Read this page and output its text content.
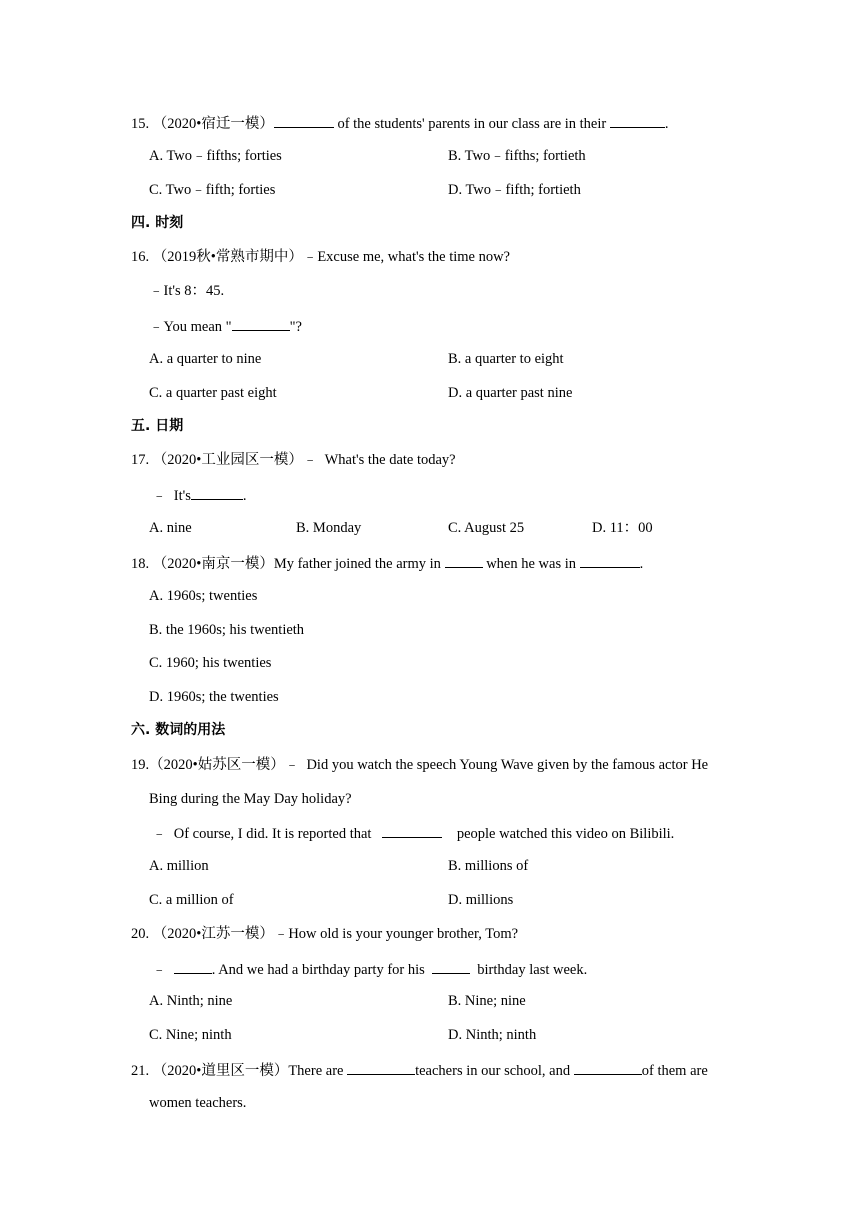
15. （2020•宿迁一模）	of the students' parents in our class are in their	.
A. Two﹣fifths; forties	B. Two﹣fifths; fortieth
C. Two﹣fifth; forties	D. Two﹣fifth; fortieth
四. 时刻
16. （2019秋•常熟市期中）﹣Excuse me, what's the time now?
﹣It's 8：45.
﹣You mean "	"?
A. a quarter to nine	B. a quarter to eight
C. a quarter past eight	D. a quarter past nine
五. 日期
17. （2020•工业园区一模）﹣  What's the date today?
﹣  It's	.
A. nine	B. Monday	C. August 25	D. 11：00
18. （2020•南京一模）My father joined the army in	when he was in	.
A. 1960s; twenties
B. the 1960s; his twentieth
C. 1960; his twenties
D. 1960s; the twenties
六. 数词的用法
19.（2020•姑苏区一模）﹣  Did you watch the speech Young Wave given by the famous actor He
Bing during the May Day holiday?
﹣  Of course, I did. It is reported that	people watched this video on Bilibili.
A. million	B. millions of
C. a million of	D. millions
20. （2020•江苏一模）﹣How old is your younger brother, Tom?
﹣	. And we had a birthday party for his	birthday last week.
A. Ninth; nine	B. Nine; nine
C. Nine; ninth	D. Ninth; ninth
21. （2020•道里区一模）There are	teachers in our school, and	of them are
women teachers.
